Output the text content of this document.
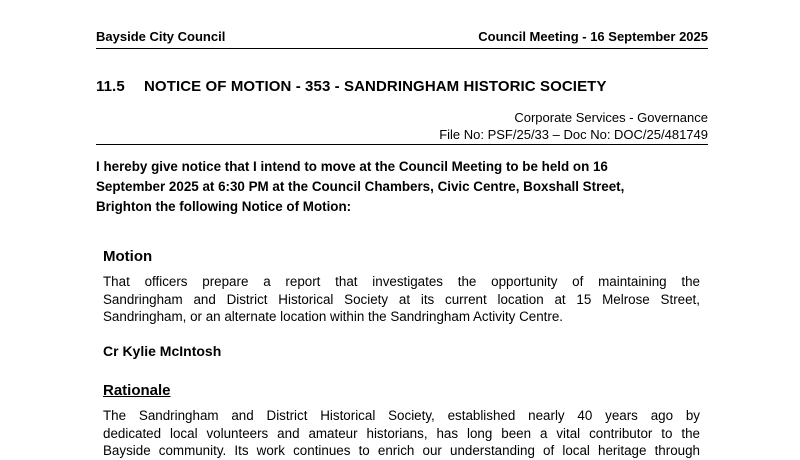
Bayside City Council	Council Meeting - 16 September 2025
11.5 NOTICE OF MOTION - 353 - SANDRINGHAM HISTORIC SOCIETY
Corporate Services - Governance
File No: PSF/25/33 – Doc No: DOC/25/481749
I hereby give notice that I intend to move at the Council Meeting to be held on 16
September 2025 at 6:30 PM at the Council Chambers, Civic Centre, Boxshall Street,
Brighton the following Notice of Motion:
Motion
That officers prepare a report that investigates the opportunity of maintaining the
Sandringham and District Historical Society at its current location at 15 Melrose Street,
Sandringham, or an alternate location within the Sandringham Activity Centre.
Cr Kylie McIntosh
Rationale
The Sandringham and District Historical Society, established nearly 40 years ago by
dedicated local volunteers and amateur historians, has long been a vital contributor to the
Bayside community. Its work continues to enrich our understanding of local heritage through
